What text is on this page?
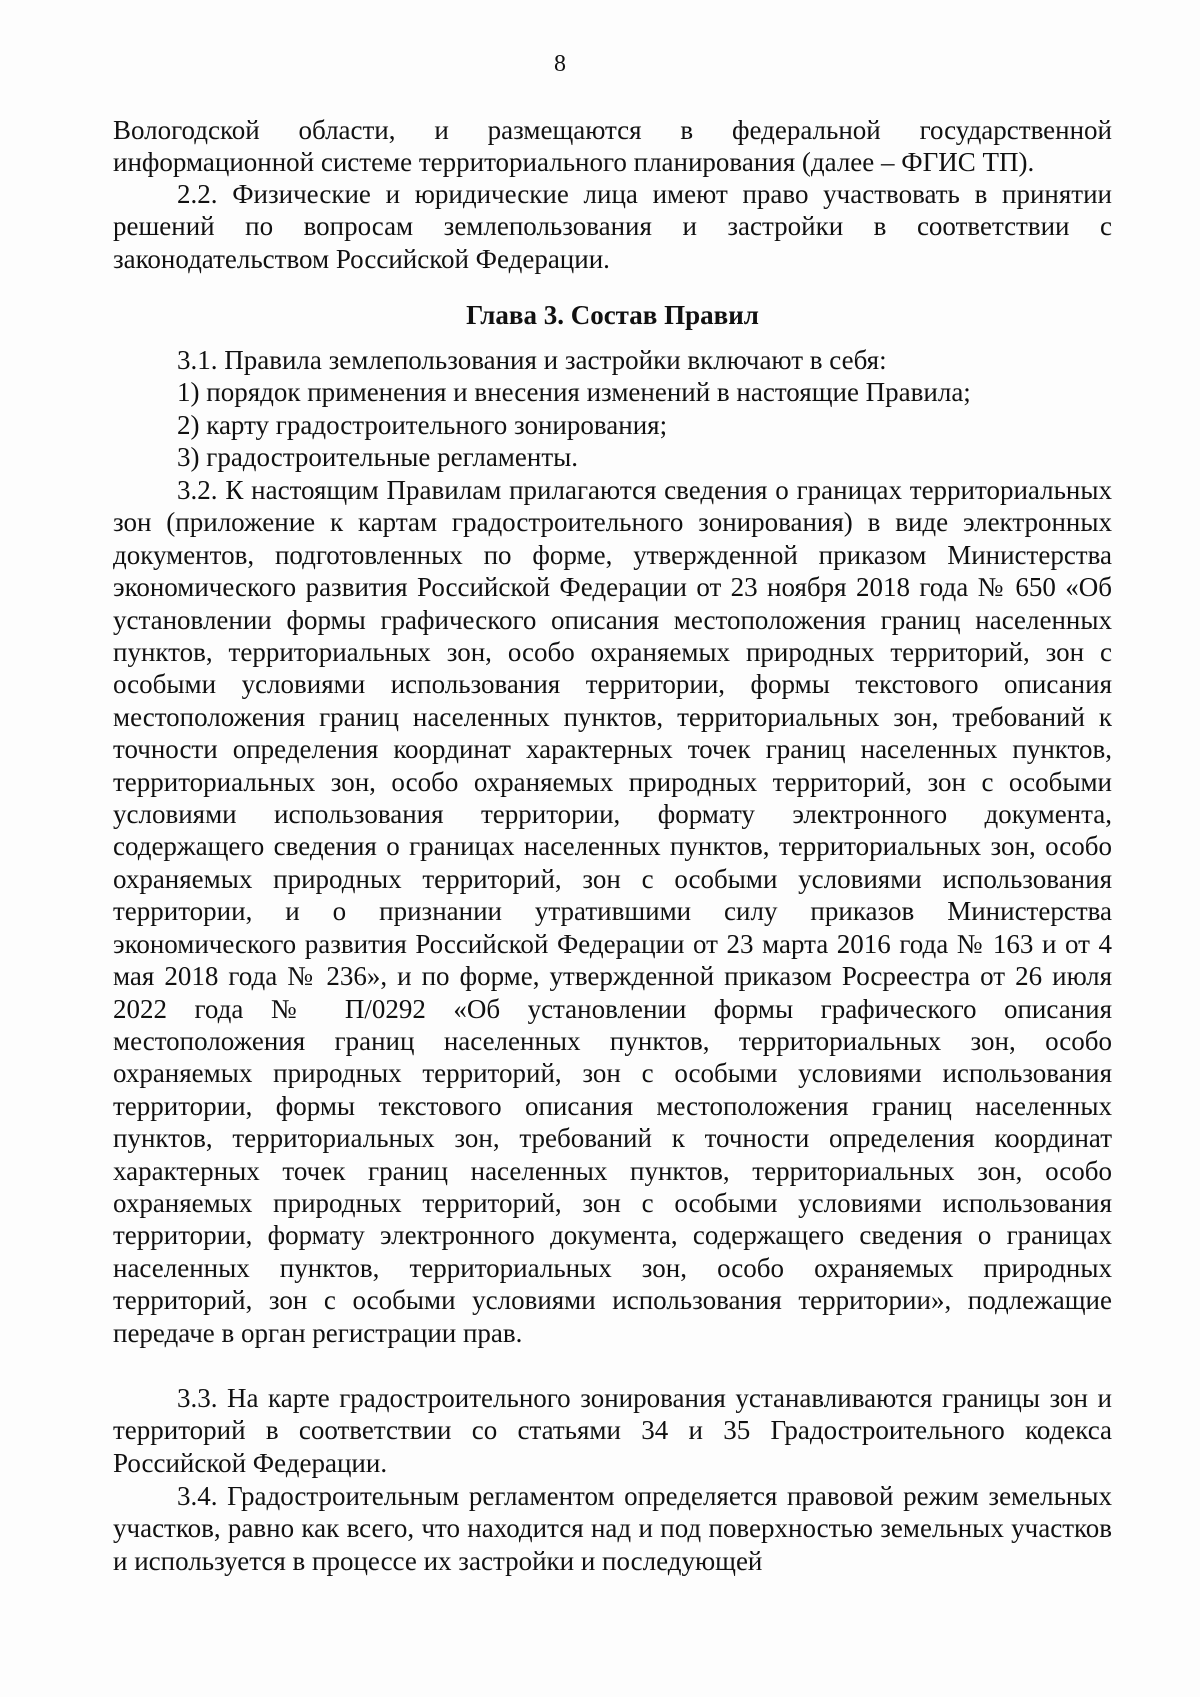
8
Вологодской области, и размещаются в федеральной государственной информационной системе территориального планирования (далее – ФГИС ТП).
2.2. Физические и юридические лица имеют право участвовать в принятии решений по вопросам землепользования и застройки в соответствии с законодательством Российской Федерации.
Глава 3. Состав Правил
3.1. Правила землепользования и застройки включают в себя:
1) порядок применения и внесения изменений в настоящие Правила;
2) карту градостроительного зонирования;
3) градостроительные регламенты.
3.2. К настоящим Правилам прилагаются сведения о границах территориальных зон (приложение к картам градостроительного зонирования) в виде электронных документов, подготовленных по форме, утвержденной приказом Министерства экономического развития Российской Федерации от 23 ноября 2018 года № 650 «Об установлении формы графического описания местоположения границ населенных пунктов, территориальных зон, особо охраняемых природных территорий, зон с особыми условиями использования территории, формы текстового описания местоположения границ населенных пунктов, территориальных зон, требований к точности определения координат характерных точек границ населенных пунктов, территориальных зон, особо охраняемых природных территорий, зон с особыми условиями использования территории, формату электронного документа, содержащего сведения о границах населенных пунктов, территориальных зон, особо охраняемых природных территорий, зон с особыми условиями использования территории, и о признании утратившими силу приказов Министерства экономического развития Российской Федерации от 23 марта 2016 года № 163 и от 4 мая 2018 года № 236», и по форме, утвержденной приказом Росреестра от 26 июля 2022 года № П/0292 «Об установлении формы графического описания местоположения границ населенных пунктов, территориальных зон, особо охраняемых природных территорий, зон с особыми условиями использования территории, формы текстового описания местоположения границ населенных пунктов, территориальных зон, требований к точности определения координат характерных точек границ населенных пунктов, территориальных зон, особо охраняемых природных территорий, зон с особыми условиями использования территории, формату электронного документа, содержащего сведения о границах населенных пунктов, территориальных зон, особо охраняемых природных территорий, зон с особыми условиями использования территории», подлежащие передаче в орган регистрации прав.
3.3. На карте градостроительного зонирования устанавливаются границы зон и территорий в соответствии со статьями 34 и 35 Градостроительного кодекса Российской Федерации.
3.4. Градостроительным регламентом определяется правовой режим земельных участков, равно как всего, что находится над и под поверхностью земельных участков и используется в процессе их застройки и последующей
